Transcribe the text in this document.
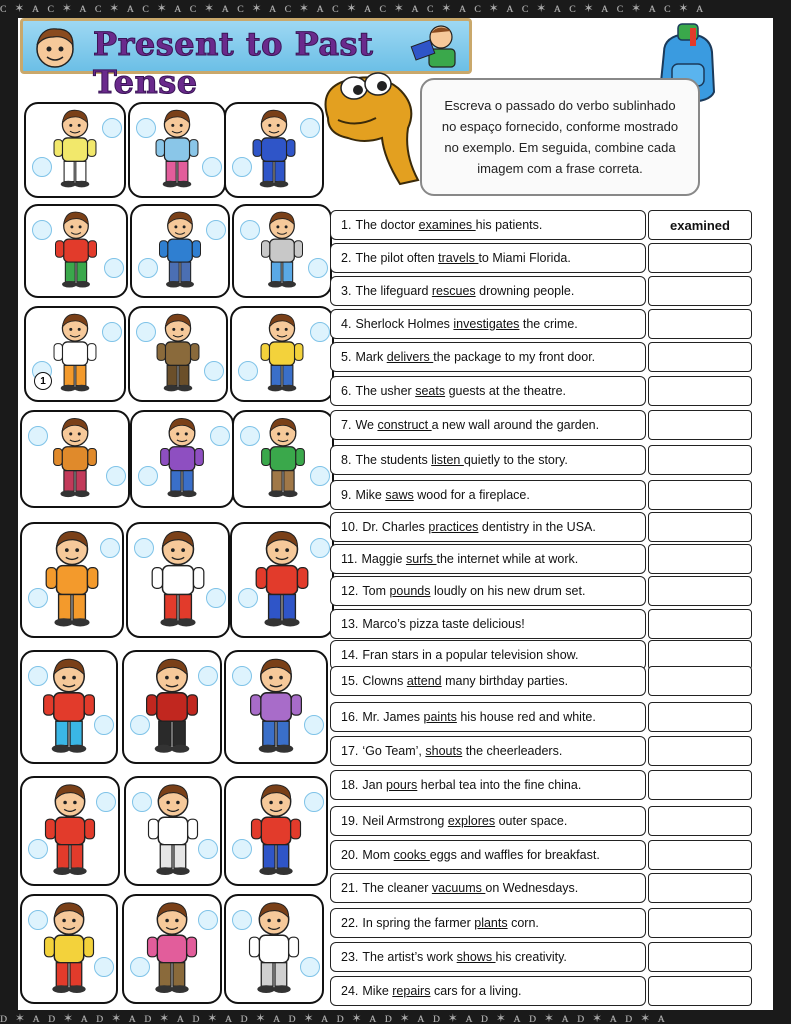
ᴄ ✶ ᴀ ᴄ ✶ ᴀ ᴄ ✶ ᴀ ᴄ ✶ ᴀ ᴄ ✶ ᴀ ᴄ ✶ ᴀ ᴄ ✶ ᴀ ᴄ ✶ ᴀ ᴄ ✶ ᴀ ᴄ ✶ ᴀ ᴄ ✶ ᴀ ᴄ ✶ ᴀ ᴄ ✶ ᴀ ᴄ ✶ ᴀ ᴄ ✶ ᴀ
ᴅ ✶ ᴀ ᴅ ✶ ᴀ ᴅ ✶ ᴀ ᴅ ✶ ᴀ ᴅ ✶ ᴀ ᴅ ✶ ᴀ ᴅ ✶ ᴀ ᴅ ✶ ᴀ ᴅ ✶ ᴀ ᴅ ✶ ᴀ ᴅ ✶ ᴀ ᴅ ✶ ᴀ ᴅ ✶ ᴀ ᴅ ✶ ᴀ
Present to Past Tense
Escreva o passado do verbo sublinhado no espaço fornecido, conforme mostrado no exemplo. Em seguida, combine cada imagem com a frase correta.
1
1. The doctor examines his patients.	examined
2. The pilot often travels to Miami Florida.
3. The lifeguard rescues drowning people.
4. Sherlock Holmes investigates the crime.
5. Mark delivers the package to my front door.
6. The usher seats guests at the theatre.
7. We construct a new wall around the garden.
8. The students listen quietly to the story.
9. Mike saws wood for a fireplace.
10. Dr. Charles practices dentistry in the USA.
11. Maggie surfs the internet while at work.
12. Tom pounds loudly on his new drum set.
13. Marco’s pizza taste delicious!
14. Fran stars in a popular television show.
15. Clowns attend many birthday parties.
16. Mr. James paints his house red and white.
17. ‘Go Team’, shouts the cheerleaders.
18. Jan pours herbal tea into the fine china.
19. Neil Armstrong explores outer space.
20. Mom cooks eggs and waffles for breakfast.
21. The cleaner vacuums on Wednesdays.
22. In spring the farmer plants corn.
23. The artist’s work shows his creativity.
24. Mike repairs cars for a living.
